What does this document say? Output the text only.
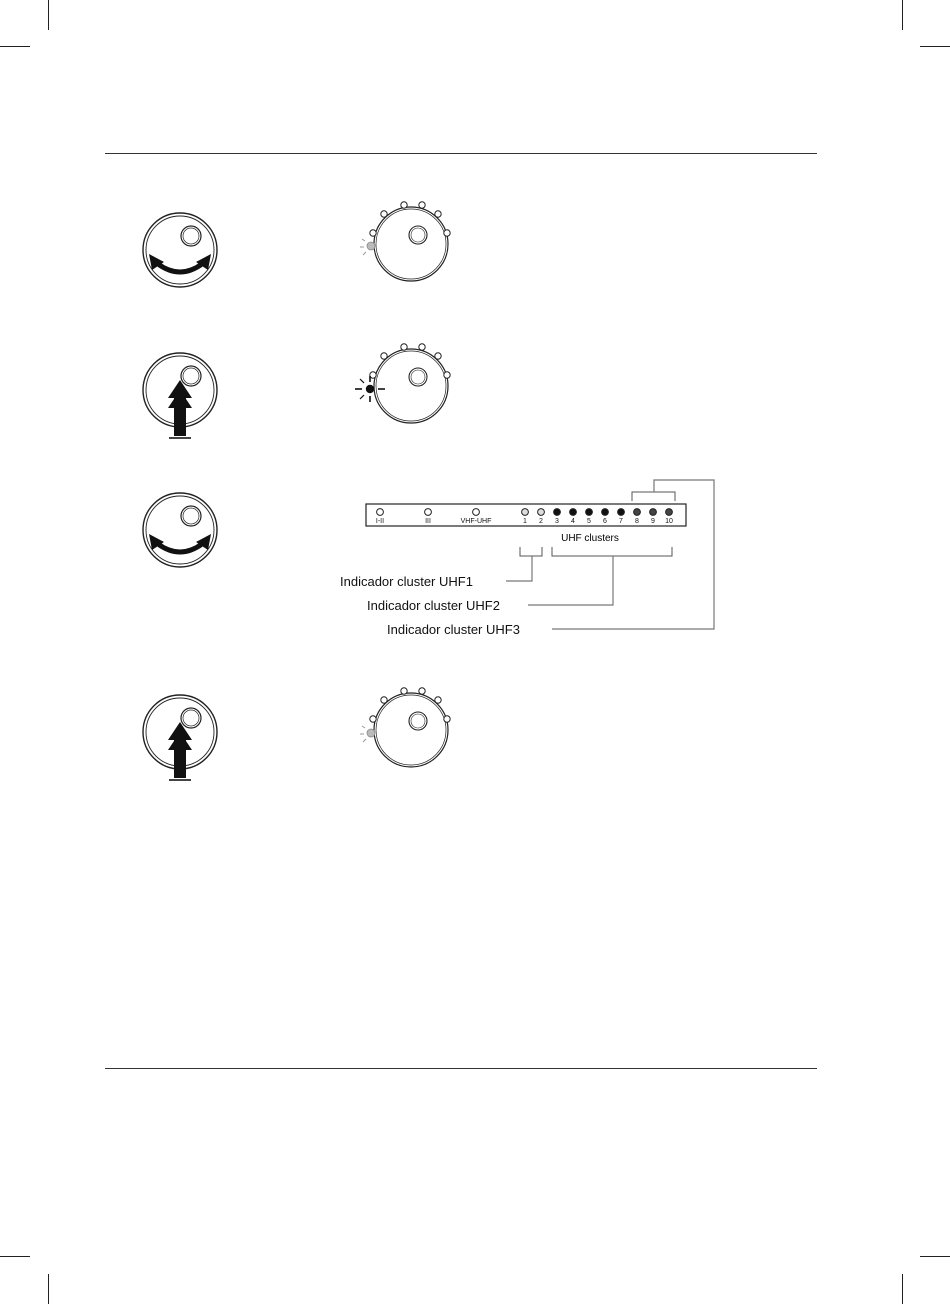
I-II	III	VHF-UHF	1 2 3 4 5 6 7 8 9 10
UHF clusters
Indicador cluster UHF1
Indicador cluster UHF2
Indicador cluster UHF3
